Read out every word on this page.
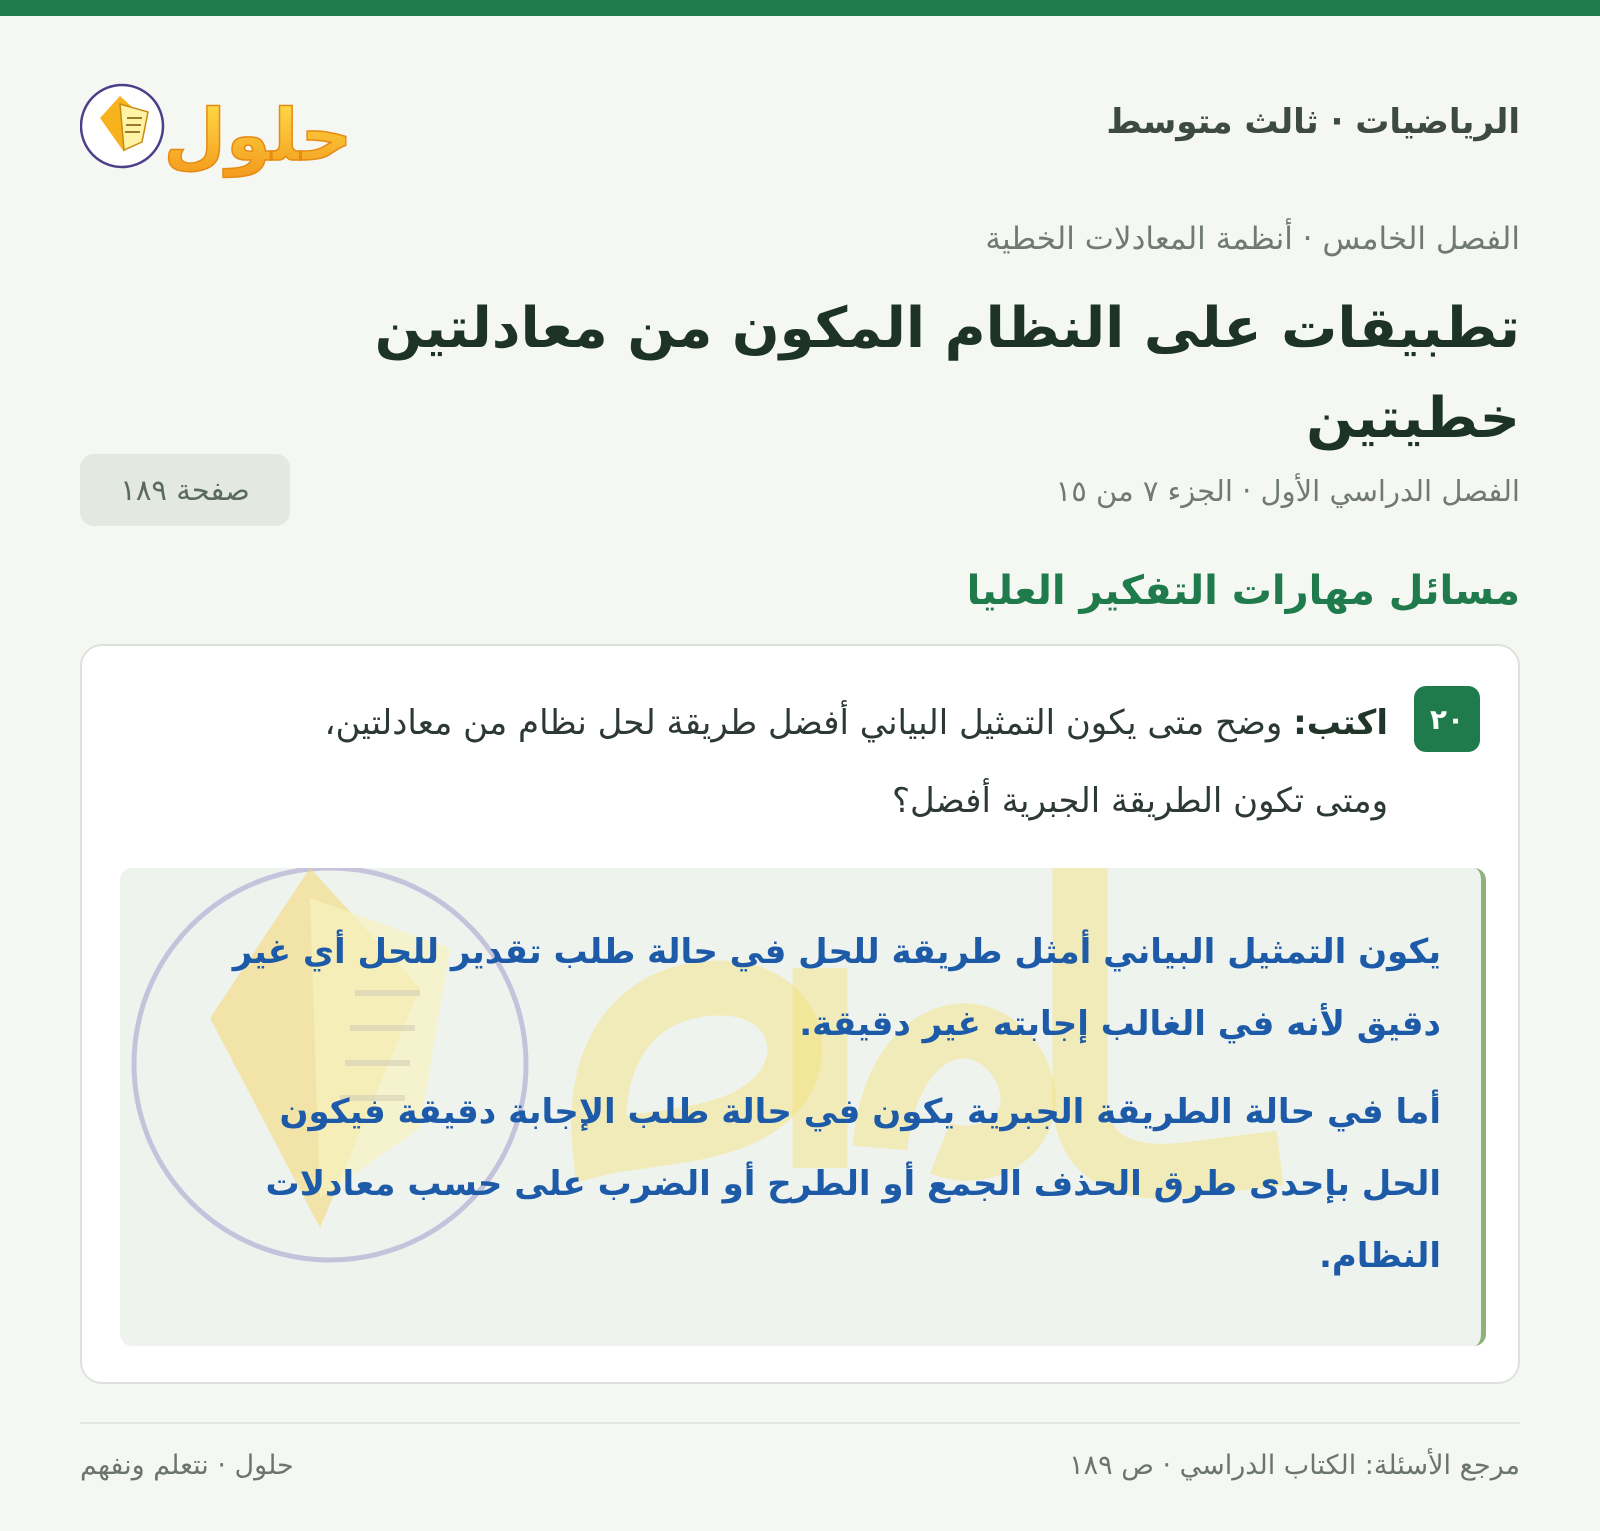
الرياضيات · ثالث متوسط
حلول
الفصل الخامس · أنظمة المعادلات الخطية
تطبيقات على النظام المكون من معادلتين خطيتين
الفصل الدراسي الأول · الجزء ٧ من ١٥
صفحة ١٨٩
مسائل مهارات التفكير العليا
٢٠
اكتب: وضح متى يكون التمثيل البياني أفضل طريقة لحل نظام من معادلتين، ومتى تكون الطريقة الجبرية أفضل؟

يكون التمثيل البياني أمثل طريقة للحل في حالة طلب تقدير للحل أي غير دقيق لأنه في الغالب إجابته غير دقيقة.

أما في حالة الطريقة الجبرية يكون في حالة طلب الإجابة دقيقة فيكون الحل بإحدى طرق الحذف الجمع أو الطرح أو الضرب على حسب معادلات النظام.

مرجع الأسئلة: الكتاب الدراسي · ص ١٨٩
حلول · نتعلم ونفهم
